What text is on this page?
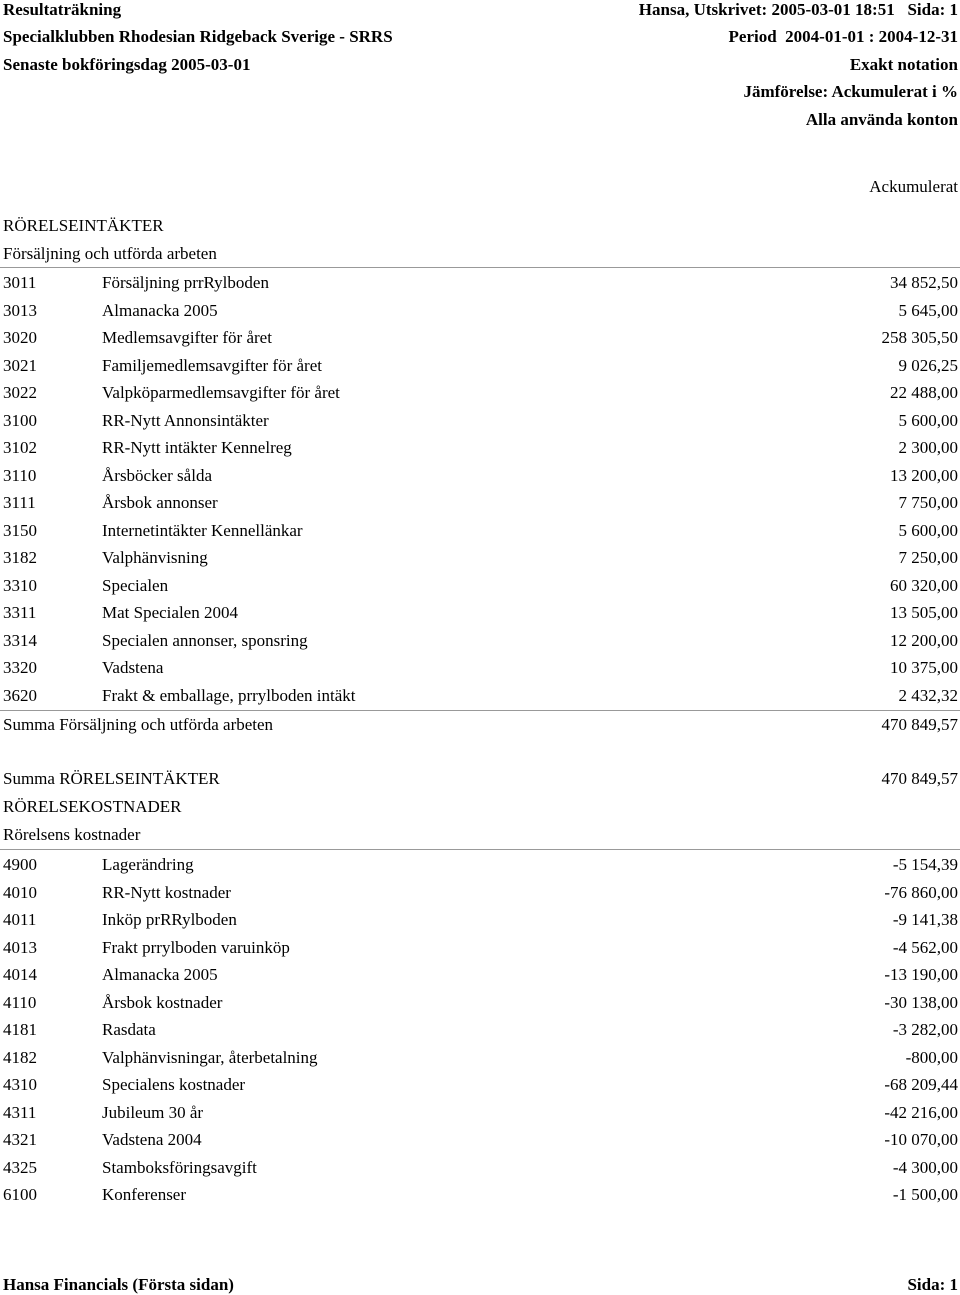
Resultaträkning
Specialklubben Rhodesian Ridgeback Sverige - SRRS
Senaste bokföringsdag 2005-03-01
Hansa, Utskrivet: 2005-03-01 18:51   Sida: 1
Period  2004-01-01 : 2004-12-31
Exakt notation
Jämförelse: Ackumulerat i %
Alla använda konton
Ackumulerat
RÖRELSEINTÄKTER
Försäljning och utförda arbeten
3011	Försäljning prrRylboden	34 852,50
3013	Almanacka 2005	5 645,00
3020	Medlemsavgifter för året	258 305,50
3021	Familjemedlemsavgifter för året	9 026,25
3022	Valpköparmedlemsavgifter för året	22 488,00
3100	RR-Nytt Annonsintäkter	5 600,00
3102	RR-Nytt intäkter Kennelreg	2 300,00
3110	Årsböcker sålda	13 200,00
3111	Årsbok annonser	7 750,00
3150	Internetintäkter Kennellänkar	5 600,00
3182	Valphänvisning	7 250,00
3310	Specialen	60 320,00
3311	Mat Specialen 2004	13 505,00
3314	Specialen annonser, sponsring	12 200,00
3320	Vadstena	10 375,00
3620	Frakt & emballage, prrylboden intäkt	2 432,32
Summa Försäljning och utförda arbeten	470 849,57
Summa RÖRELSEINTÄKTER	470 849,57
RÖRELSEKOSTNADER
Rörelsens kostnader
4900	Lagerändring	-5 154,39
4010	RR-Nytt kostnader	-76 860,00
4011	Inköp prRRylboden	-9 141,38
4013	Frakt prrylboden varuinköp	-4 562,00
4014	Almanacka 2005	-13 190,00
4110	Årsbok kostnader	-30 138,00
4181	Rasdata	-3 282,00
4182	Valphänvisningar, återbetalning	-800,00
4310	Specialens kostnader	-68 209,44
4311	Jubileum 30 år	-42 216,00
4321	Vadstena 2004	-10 070,00
4325	Stamboksföringsavgift	-4 300,00
6100	Konferenser	-1 500,00
Hansa Financials (Första sidan)	Sida: 1
